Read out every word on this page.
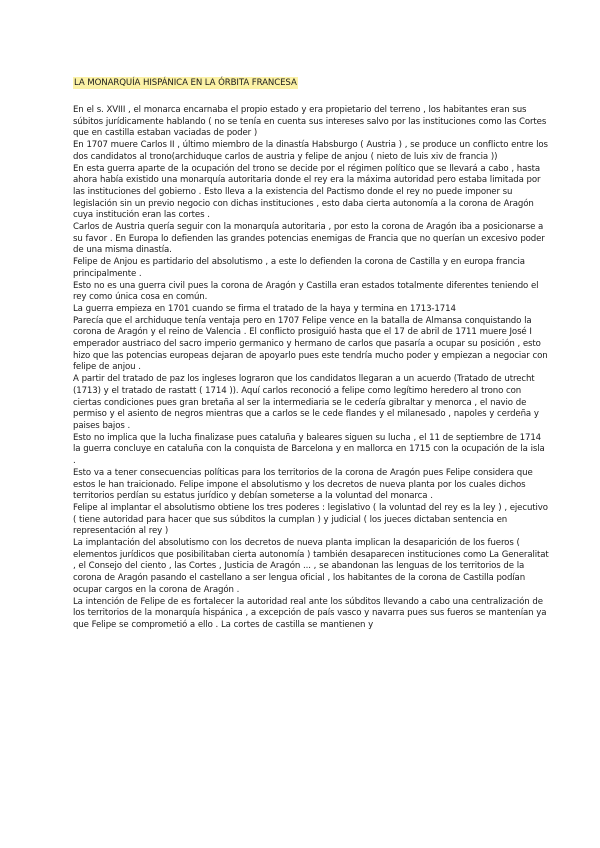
LA MONARQUÍA HISPÁNICA EN LA ÓRBITA FRANCESA

En el s. XVIII , el monarca encarnaba el propio estado y era propietario del terreno , los habitantes eran sus súbitos jurídicamente hablando ( no se tenía en cuenta sus intereses salvo por las instituciones como las Cortes que en castilla estaban vaciadas de poder )

En 1707 muere Carlos II , último miembro de la dinastía Habsburgo ( Austria ) , se produce un conflicto entre los dos candidatos al trono(archiduque carlos de austria y felipe de anjou ( nieto de luis xiv de francia ))

En esta guerra aparte de la ocupación del trono se decide por el régimen político que se llevará a cabo , hasta ahora había existido una monarquía autoritaria donde el rey era la máxima autoridad pero estaba limitada por las instituciones del gobierno . Esto lleva a la existencia del Pactismo donde el rey no puede imponer su legislación sin un previo negocio con dichas instituciones , esto daba cierta autonomía a la corona de Aragón cuya institución eran las cortes .

Carlos de Austria quería seguir con la monarquía autoritaria , por esto la corona de Aragón iba a posicionarse a su favor . En Europa lo defienden las grandes potencias enemigas de Francia que no querían un excesivo poder de una misma dinastía.

Felipe de Anjou es partidario del absolutismo , a este lo defienden la corona de Castilla y en europa francia principalmente .

Esto no es una guerra civil pues la corona de Aragón y Castilla eran estados totalmente diferentes teniendo el rey como única cosa en común.

La guerra empieza en 1701 cuando se firma el tratado de la haya y termina en 1713-1714

Parecía que el archiduque tenía ventaja pero en 1707 Felipe vence en la batalla de Almansa conquistando la corona de Aragón y el reino de Valencia . El conflicto prosiguió hasta que el 17 de abril de 1711 muere José I emperador austriaco del sacro imperio germanico y hermano de carlos que pasaría a ocupar su posición , esto hizo que las potencias europeas dejaran de apoyarlo pues este tendría mucho poder y empiezan a negociar con felipe de anjou .

A partir del tratado de paz los ingleses lograron que los candidatos llegaran a un acuerdo (Tratado de utrecht (1713) y el tratado de rastatt ( 1714 )). Aquí carlos reconoció a felipe como legítimo heredero al trono con ciertas condiciones pues gran bretaña al ser la intermediaria se le cedería gibraltar y menorca , el navio de permiso y el asiento de negros mientras que a carlos se le cede flandes y el milanesado , napoles y cerdeña y paises bajos .

Esto no implica que la lucha finalizase pues cataluña y baleares siguen su lucha , el 11 de septiembre de 1714 la guerra concluye en cataluña con la conquista de Barcelona y en mallorca en 1715 con la ocupación de la isla .

Esto va a tener consecuencias políticas para los territorios de la corona de Aragón pues Felipe considera que estos le han traicionado. Felipe impone el absolutismo y los decretos de nueva planta por los cuales dichos territorios perdían su estatus jurídico y debían someterse a la voluntad del monarca .

Felipe al implantar el absolutismo obtiene los tres poderes : legislativo ( la voluntad del rey es la ley ) , ejecutivo ( tiene autoridad para hacer que sus súbditos la cumplan ) y judicial ( los jueces dictaban sentencia en representación al rey )

La implantación del absolutismo con los decretos de nueva planta implican la desaparición de los fueros ( elementos jurídicos que posibilitaban cierta autonomía ) también desaparecen instituciones como La Generalitat , el Consejo del ciento , las Cortes , Justicia de Aragón ... , se abandonan las lenguas de los territorios de la corona de Aragón pasando el castellano a ser lengua oficial , los habitantes de la corona de Castilla podían ocupar cargos en la corona de Aragón .

La intención de Felipe de es fortalecer la autoridad real ante los súbditos llevando a cabo una centralización de los territorios de la monarquía hispánica , a excepción de país vasco y navarra pues sus fueros se mantenían ya que Felipe se comprometió a ello . La cortes de castilla se mantienen y
